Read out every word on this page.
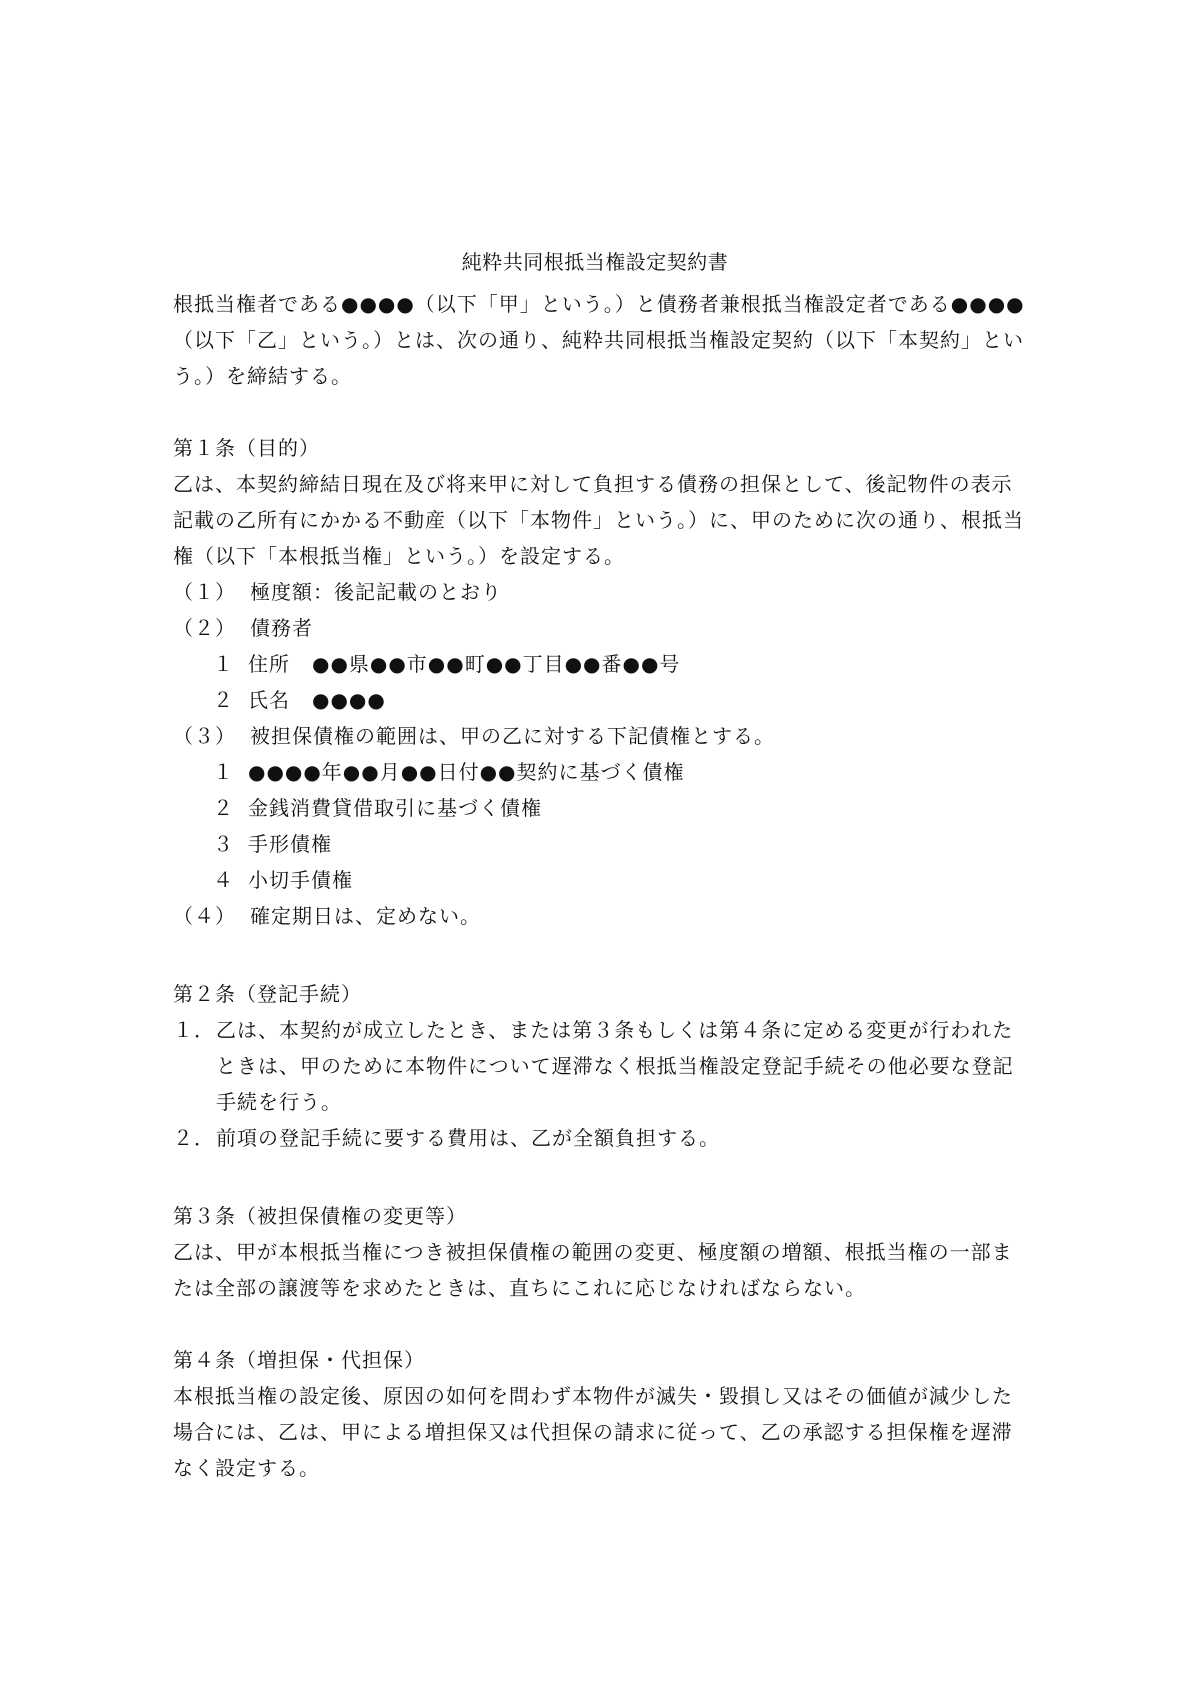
純粋共同根抵当権設定契約書

根抵当権者である●●●●（以下「甲」という。）と債務者兼根抵当権設定者である●●●●（以下「乙」という。）とは、次の通り、純粋共同根抵当権設定契約（以下「本契約」という。）を締結する。

第１条（目的）

乙は、本契約締結日現在及び将来甲に対して負担する債務の担保として、後記物件の表示記載の乙所有にかかる不動産（以下「本物件」という。）に、甲のために次の通り、根抵当権（以下「本根抵当権」という。）を設定する。

（１） 極度額：後記記載のとおり
（２） 債務者
１ 住所 ●●県●●市●●町●●丁目●●番●●号
２ 氏名 ●●●●
（３） 被担保債権の範囲は、甲の乙に対する下記債権とする。
１ ●●●●年●●月●●日付●●契約に基づく債権
２ 金銭消費貸借取引に基づく債権
３ 手形債権
４ 小切手債権
（４） 確定期日は、定めない。
第２条（登記手続）
１．乙は、本契約が成立したとき、または第３条もしくは第４条に定める変更が行われた
ときは、甲のために本物件について遅滞なく根抵当権設定登記手続その他必要な登記
手続を行う。
２．前項の登記手続に要する費用は、乙が全額負担する。
第３条（被担保債権の変更等）

乙は、甲が本根抵当権につき被担保債権の範囲の変更、極度額の増額、根抵当権の一部または全部の譲渡等を求めたときは、直ちにこれに応じなければならない。

第４条（増担保・代担保）

本根抵当権の設定後、原因の如何を問わず本物件が滅失・毀損し又はその価値が減少した場合には、乙は、甲による増担保又は代担保の請求に従って、乙の承認する担保権を遅滞なく設定する。
